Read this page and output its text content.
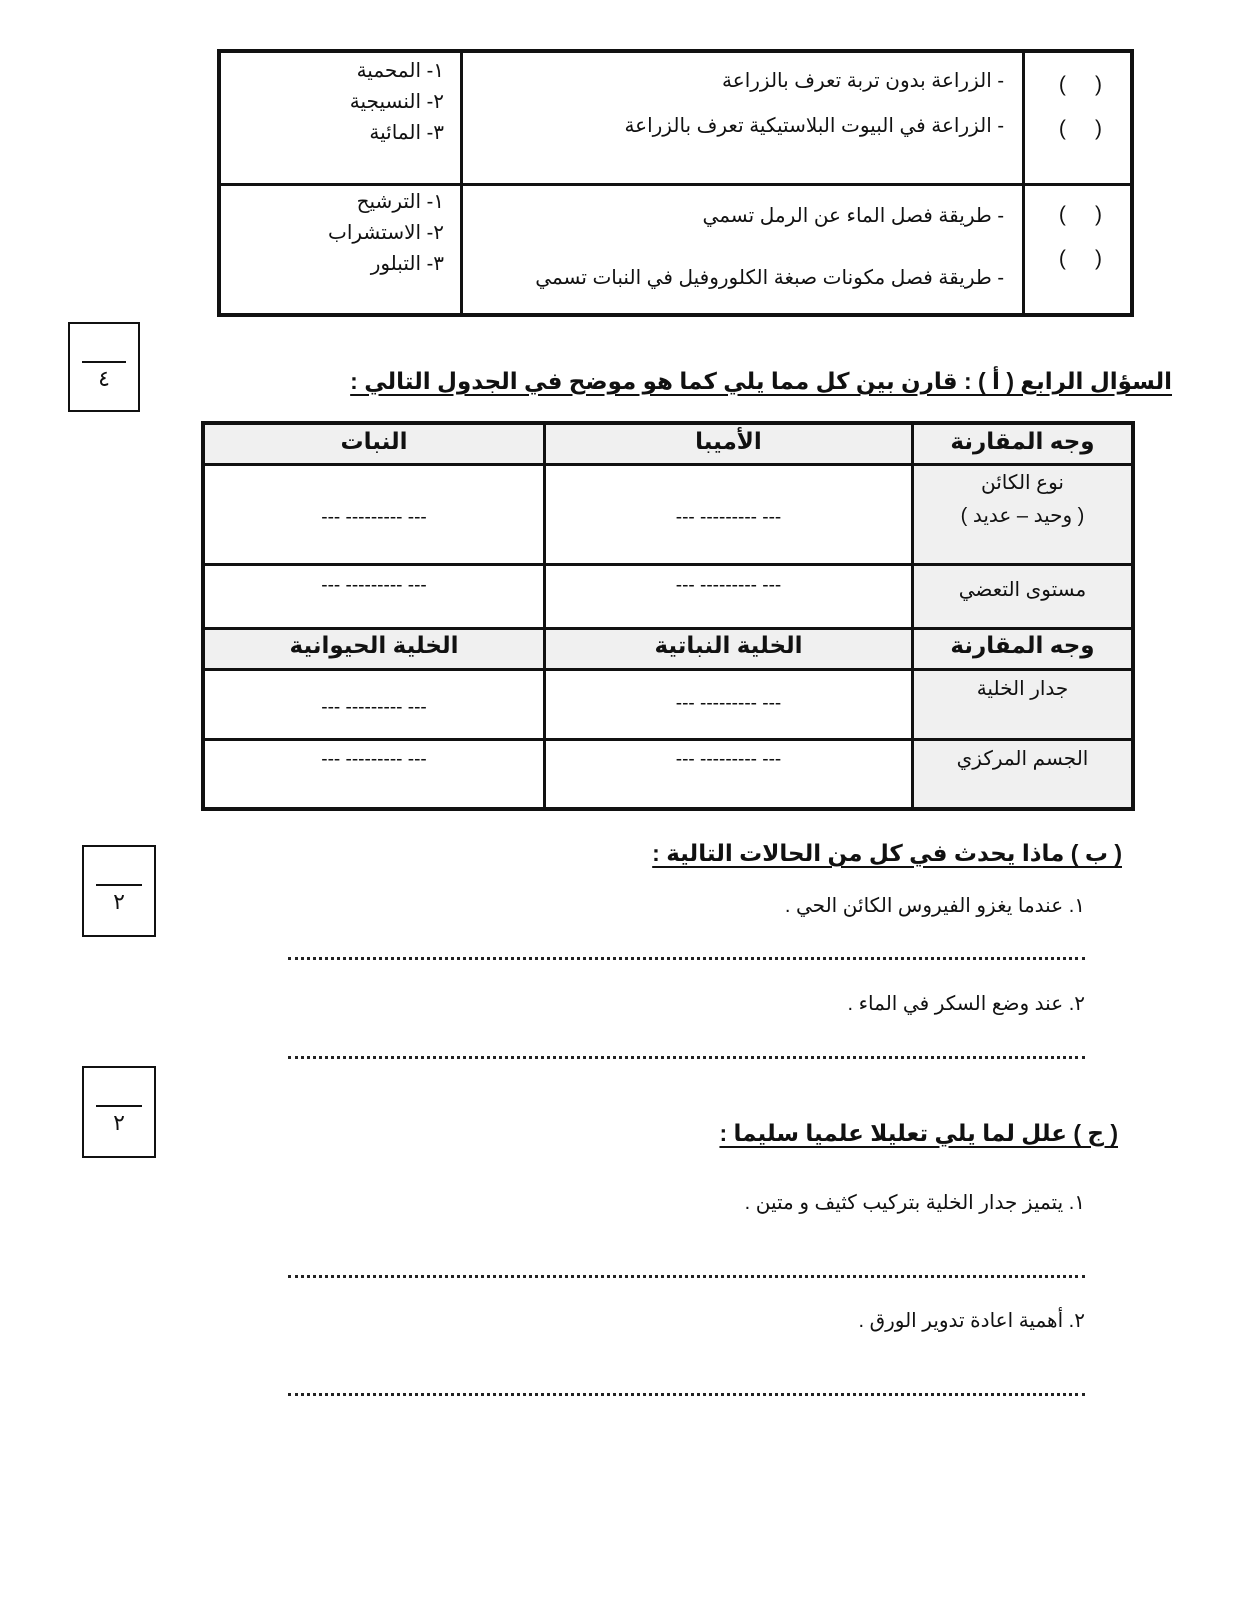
(     )
(     )
- الزراعة بدون تربة تعرف بالزراعة
- الزراعة في البيوت البلاستيكية تعرف بالزراعة
١- المحمية
٢- النسيجية
٣- المائية
(     )
(     )
- طريقة فصل الماء عن الرمل تسمي
- طريقة فصل مكونات صبغة الكلوروفيل في النبات تسمي
١- الترشيح
٢- الاستشراب
٣- التبلور
٤	السؤال الرابع ( أ ) : قارن بين كل مما يلي كما هو موضح في الجدول التالي :
وجه المقارنة
الأميبا
النبات
نوع الكائن
( وحيد – عديد )
--- --------- ---
--- --------- ---
مستوى التعضي
--- --------- ---
--- --------- ---
وجه المقارنة
الخلية النباتية
الخلية الحيوانية
جدار الخلية
--- --------- ---
--- --------- ---
الجسم المركزي
--- --------- ---
--- --------- ---
٢
( ب ) ماذا يحدث في كل من الحالات التالية :
١. عندما يغزو الفيروس الكائن الحي .
٢. عند وضع السكر في الماء .
٢	( ج ) علل لما يلي تعليلا علميا سليما :
١. يتميز جدار الخلية بتركيب كثيف و متين .
٢. أهمية اعادة تدوير الورق .
